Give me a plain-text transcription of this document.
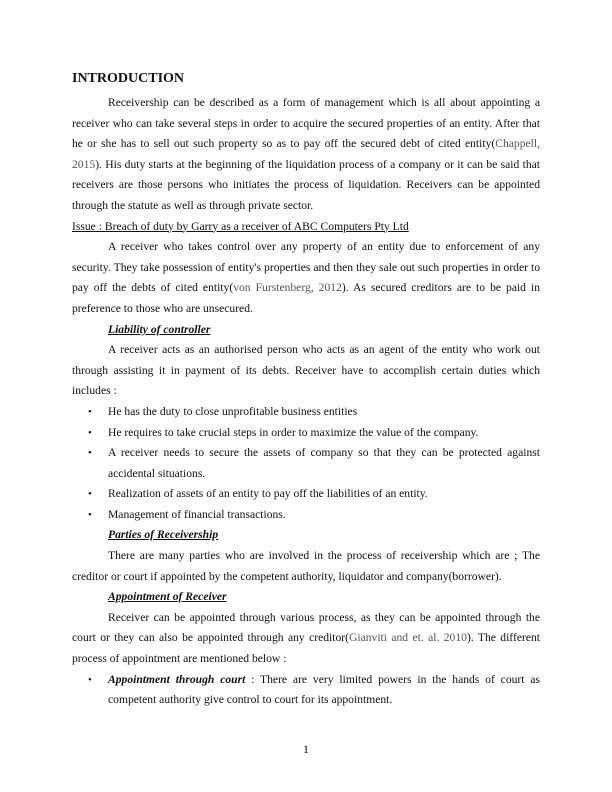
INTRODUCTION

Receivership can be described as a form of management which is all about appointing a receiver who can take several steps in order to acquire the secured properties of an entity. After that he or she has to sell out such property so as to pay off the secured debt of cited entity(Chappell, 2015). His duty starts at the beginning of the liquidation process of a company or it can be said that receivers are those persons who initiates the process of liquidation. Receivers can be appointed through the statute as well as through private sector.

Issue : Breach of duty by Garry as a receiver of ABC Computers Pty Ltd

A receiver who takes control over any property of an entity due to enforcement of any security. They take possession of entity's properties and then they sale out such properties in order to pay off the debts of cited entity(von Furstenberg, 2012). As secured creditors are to be paid in preference to those who are unsecured.

Liability of controller

A receiver acts as an authorised person who acts as an agent of the entity who work out through assisting it in payment of its debts. Receiver have to accomplish certain duties which includes :

• He has the duty to close unprofitable business entities
• He requires to take crucial steps in order to maximize the value of the company.
• A receiver needs to secure the assets of company so that they can be protected against accidental situations.
• Realization of assets of an entity to pay off the liabilities of an entity.
• Management of financial transactions.
Parties of Receivership

There are many parties who are involved in the process of receivership which are ; The creditor or court if appointed by the competent authority, liquidator and company(borrower).

Appointment of Receiver

Receiver can be appointed through various process, as they can be appointed through the court or they can also be appointed through any creditor(Gianviti and et. al. 2010). The different process of appointment are mentioned below :

• Appointment through court : There are very limited powers in the hands of court as competent authority give control to court for its appointment.
1
